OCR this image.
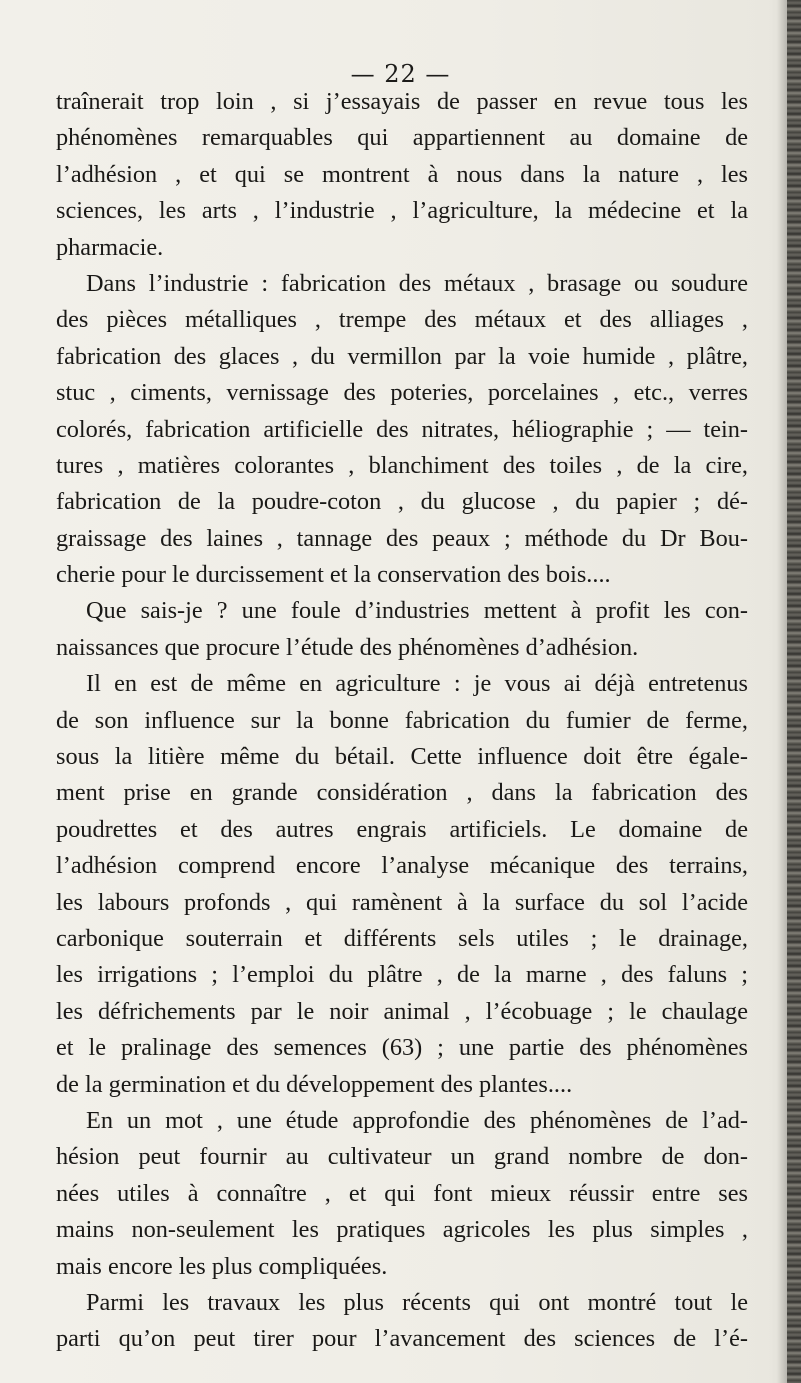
— 22 —
traînerait trop loin , si j’essayais de passer en revue tous les
phénomènes remarquables qui appartiennent au domaine de
l’adhésion , et qui se montrent à nous dans la nature , les
sciences, les arts , l’industrie , l’agriculture, la médecine et la
pharmacie.
Dans l’industrie : fabrication des métaux , brasage ou soudure
des pièces métalliques , trempe des métaux et des alliages ,
fabrication des glaces , du vermillon par la voie humide , plâtre,
stuc , ciments, vernissage des poteries, porcelaines , etc., verres
colorés, fabrication artificielle des nitrates, héliographie ; — tein-
tures , matières colorantes , blanchiment des toiles , de la cire,
fabrication de la poudre-coton , du glucose , du papier ; dé-
graissage des laines , tannage des peaux ; méthode du Dr Bou-
cherie pour le durcissement et la conservation des bois....
Que sais-je ? une foule d’industries mettent à profit les con-
naissances que procure l’étude des phénomènes d’adhésion.
Il en est de même en agriculture : je vous ai déjà entretenus
de son influence sur la bonne fabrication du fumier de ferme,
sous la litière même du bétail. Cette influence doit être égale-
ment prise en grande considération , dans la fabrication des
poudrettes et des autres engrais artificiels. Le domaine de
l’adhésion comprend encore l’analyse mécanique des terrains,
les labours profonds , qui ramènent à la surface du sol l’acide
carbonique souterrain et différents sels utiles ; le drainage,
les irrigations ; l’emploi du plâtre , de la marne , des faluns ;
les défrichements par le noir animal , l’écobuage ; le chaulage
et le pralinage des semences (63) ; une partie des phénomènes
de la germination et du développement des plantes....
En un mot , une étude approfondie des phénomènes de l’ad-
hésion peut fournir au cultivateur un grand nombre de don-
nées utiles à connaître , et qui font mieux réussir entre ses
mains non-seulement les pratiques agricoles les plus simples ,
mais encore les plus compliquées.
Parmi les travaux les plus récents qui ont montré tout le
parti qu’on peut tirer pour l’avancement des sciences de l’é-
